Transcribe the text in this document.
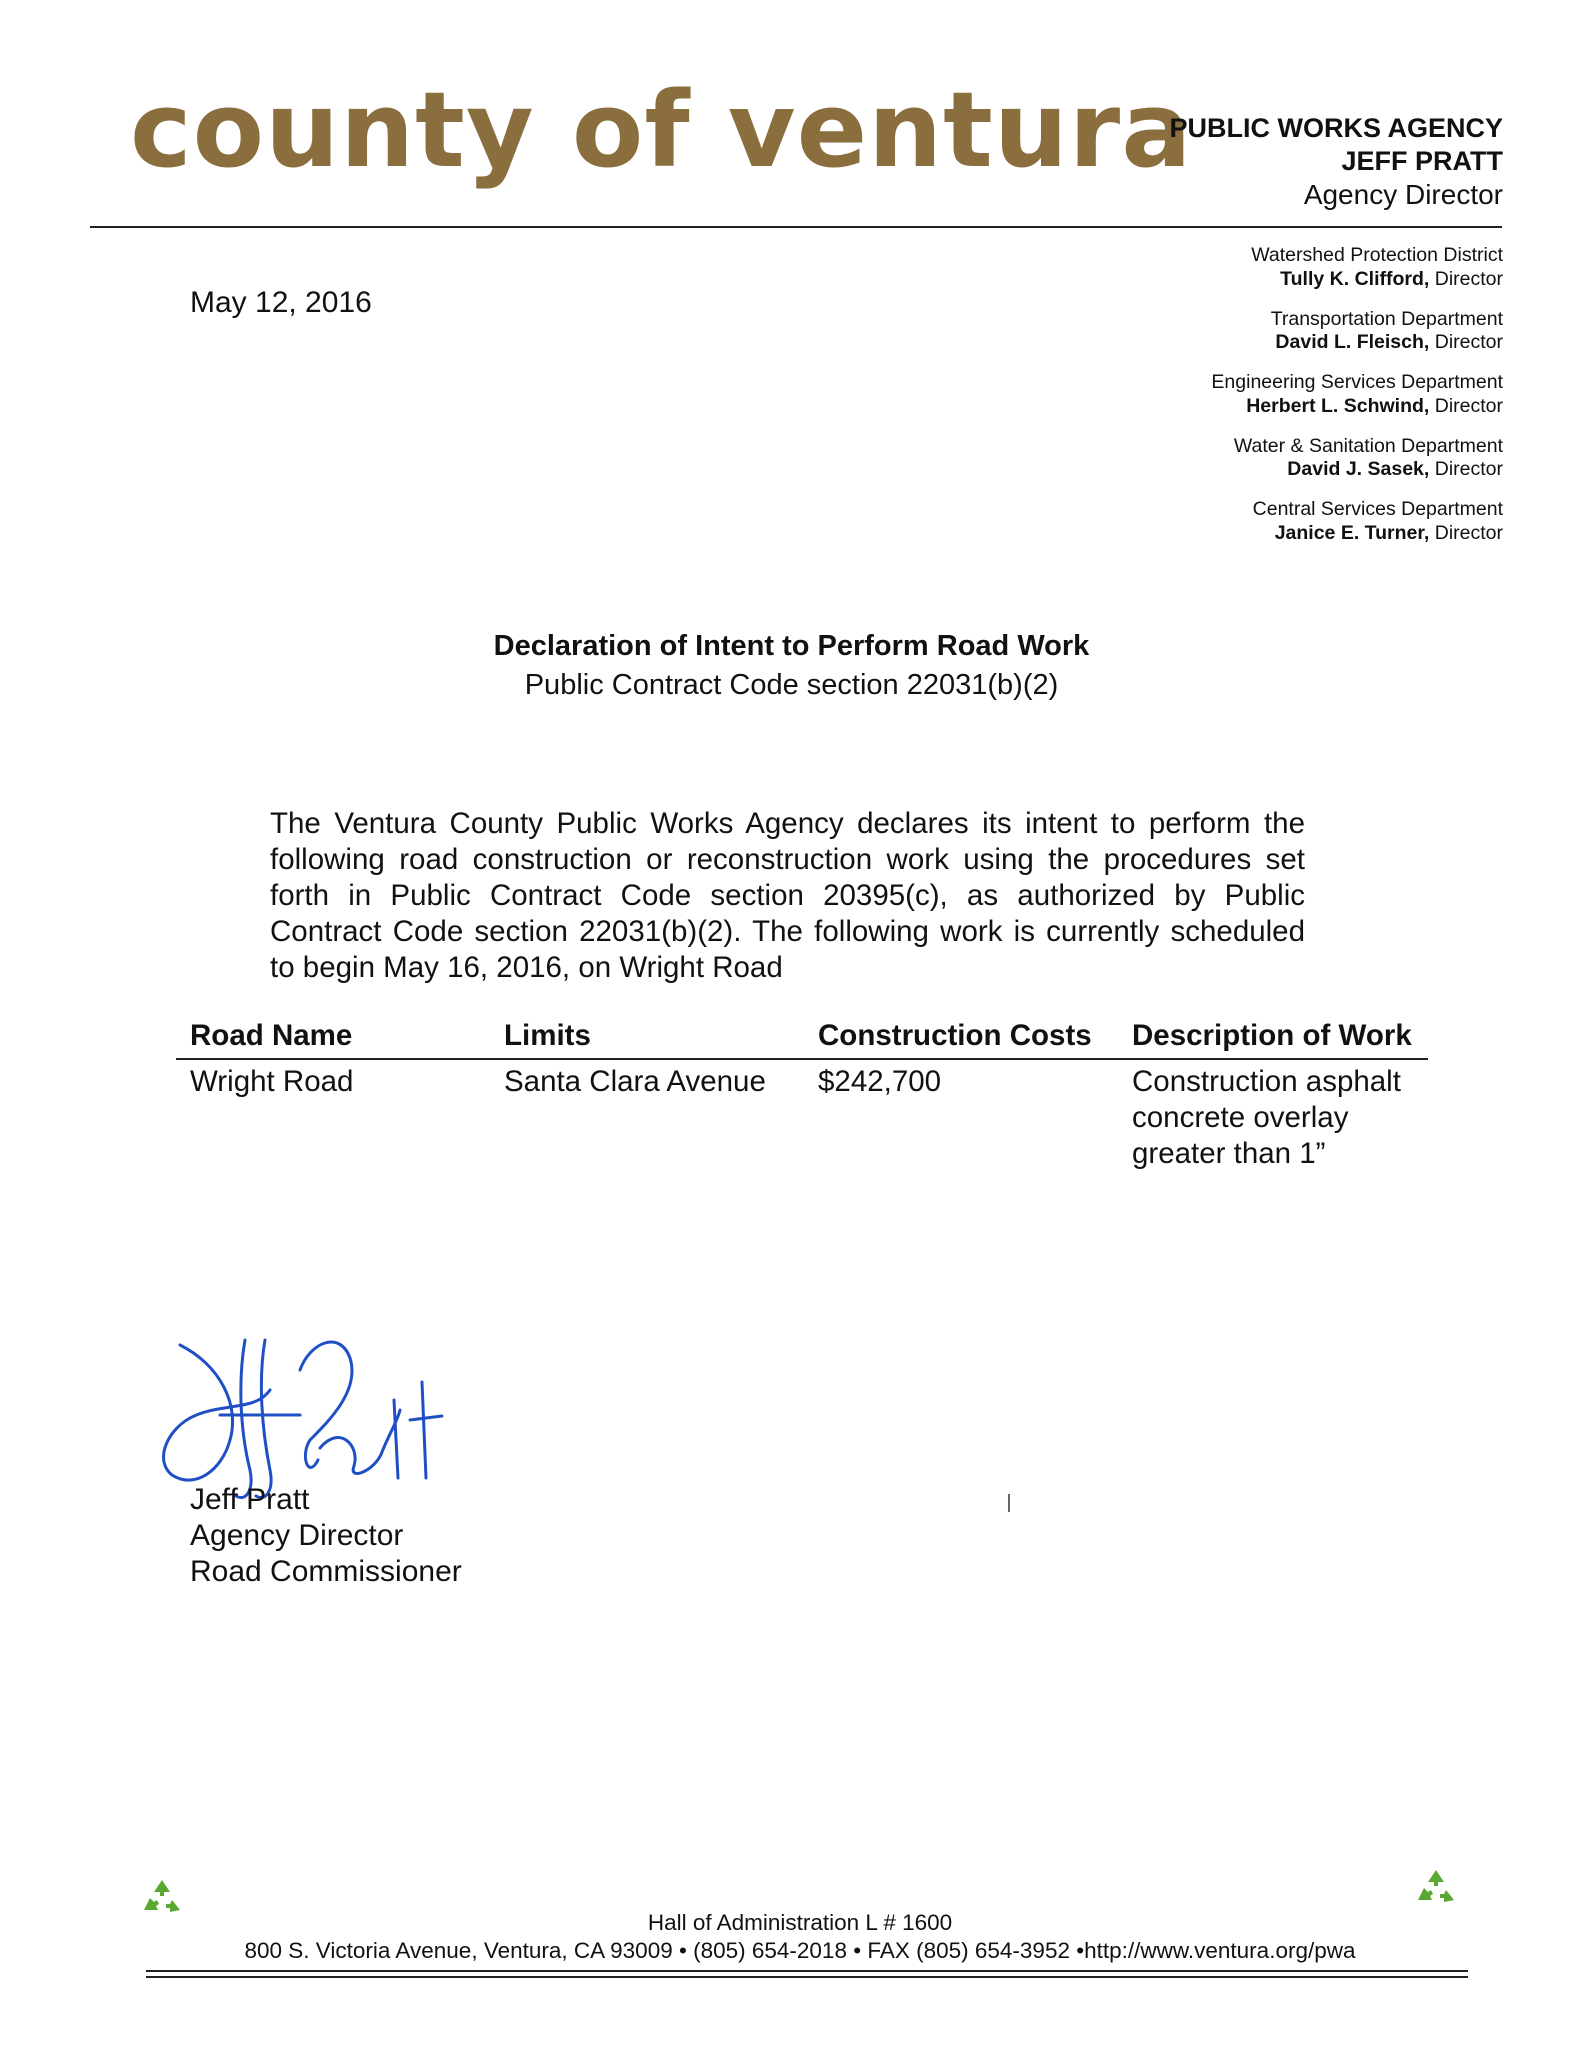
county of ventura
PUBLIC WORKS AGENCY
JEFF PRATT
Agency Director
May 12, 2016
Watershed Protection District
Tully K. Clifford, Director
Transportation Department
David L. Fleisch, Director
Engineering Services Department
Herbert L. Schwind, Director
Water & Sanitation Department
David J. Sasek, Director
Central Services Department
Janice E. Turner, Director
Declaration of Intent to Perform Road Work
Public Contract Code section 22031(b)(2)
The Ventura County Public Works Agency declares its intent to perform the following road construction or reconstruction work using the procedures set forth in Public Contract Code section 20395(c), as authorized by Public Contract Code section 22031(b)(2). The following work is currently scheduled to begin May 16, 2016, on Wright Road
Road Name	Limits	Construction Costs	Description of Work
Wright Road	Santa Clara Avenue	$242,700	Construction asphalt concrete overlay greater than 1”
Jeff Pratt
Agency Director
Road Commissioner
Hall of Administration L # 1600
800 S. Victoria Avenue, Ventura, CA 93009 • (805) 654-2018 • FAX (805) 654-3952 •http://www.ventura.org/pwa
